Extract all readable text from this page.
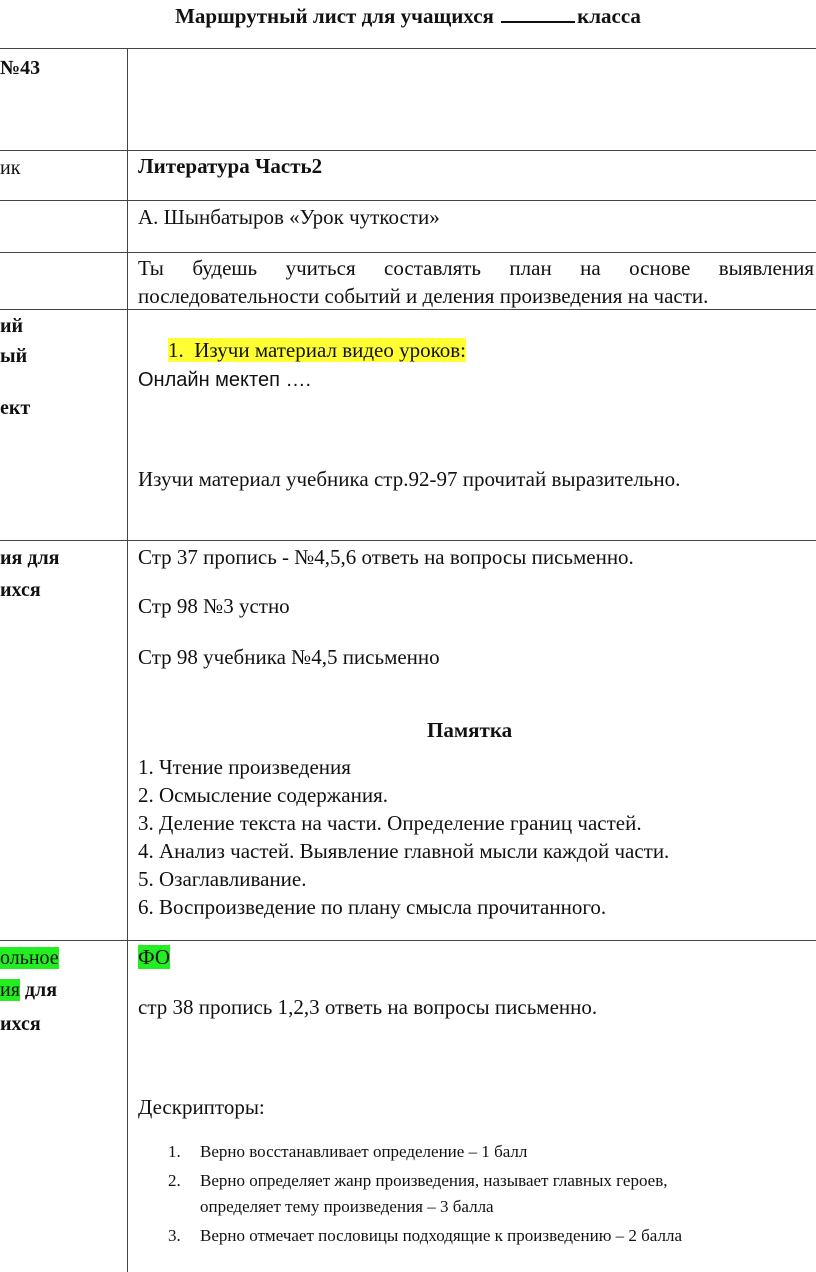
Маршрутный лист для учащихся	класса
№43
ик
ий
ый
ект
ия для
ихся
ольное
ия для
ихся
Литература Часть2
А. Шынбатыров «Урок чуткости»
Ты будешь учиться составлять план на основе выявления
последовательности событий и деления произведения на части.
1. Изучи материал видео уроков:
Онлайн мектеп ….
Изучи материал учебника стр.92-97 прочитай выразительно.
Стр 37 пропись - №4,5,6 ответь на вопросы письменно.
Стр 98 №3 устно
Стр 98 учебника №4,5 письменно
Памятка
1. Чтение произведения
2. Осмысление содержания.
3. Деление текста на части. Определение границ частей.
4. Анализ частей. Выявление главной мысли каждой части.
5. Озаглавливание.
6. Воспроизведение по плану смысла прочитанного.
ФО
стр 38 пропись 1,2,3 ответь на вопросы письменно.
Дескрипторы:
1. Верно восстанавливает определение – 1 балл
2. Верно определяет жанр произведения, называет главных героев,
определяет тему произведения – 3 балла
3. Верно отмечает пословицы подходящие к произведению – 2 балла
